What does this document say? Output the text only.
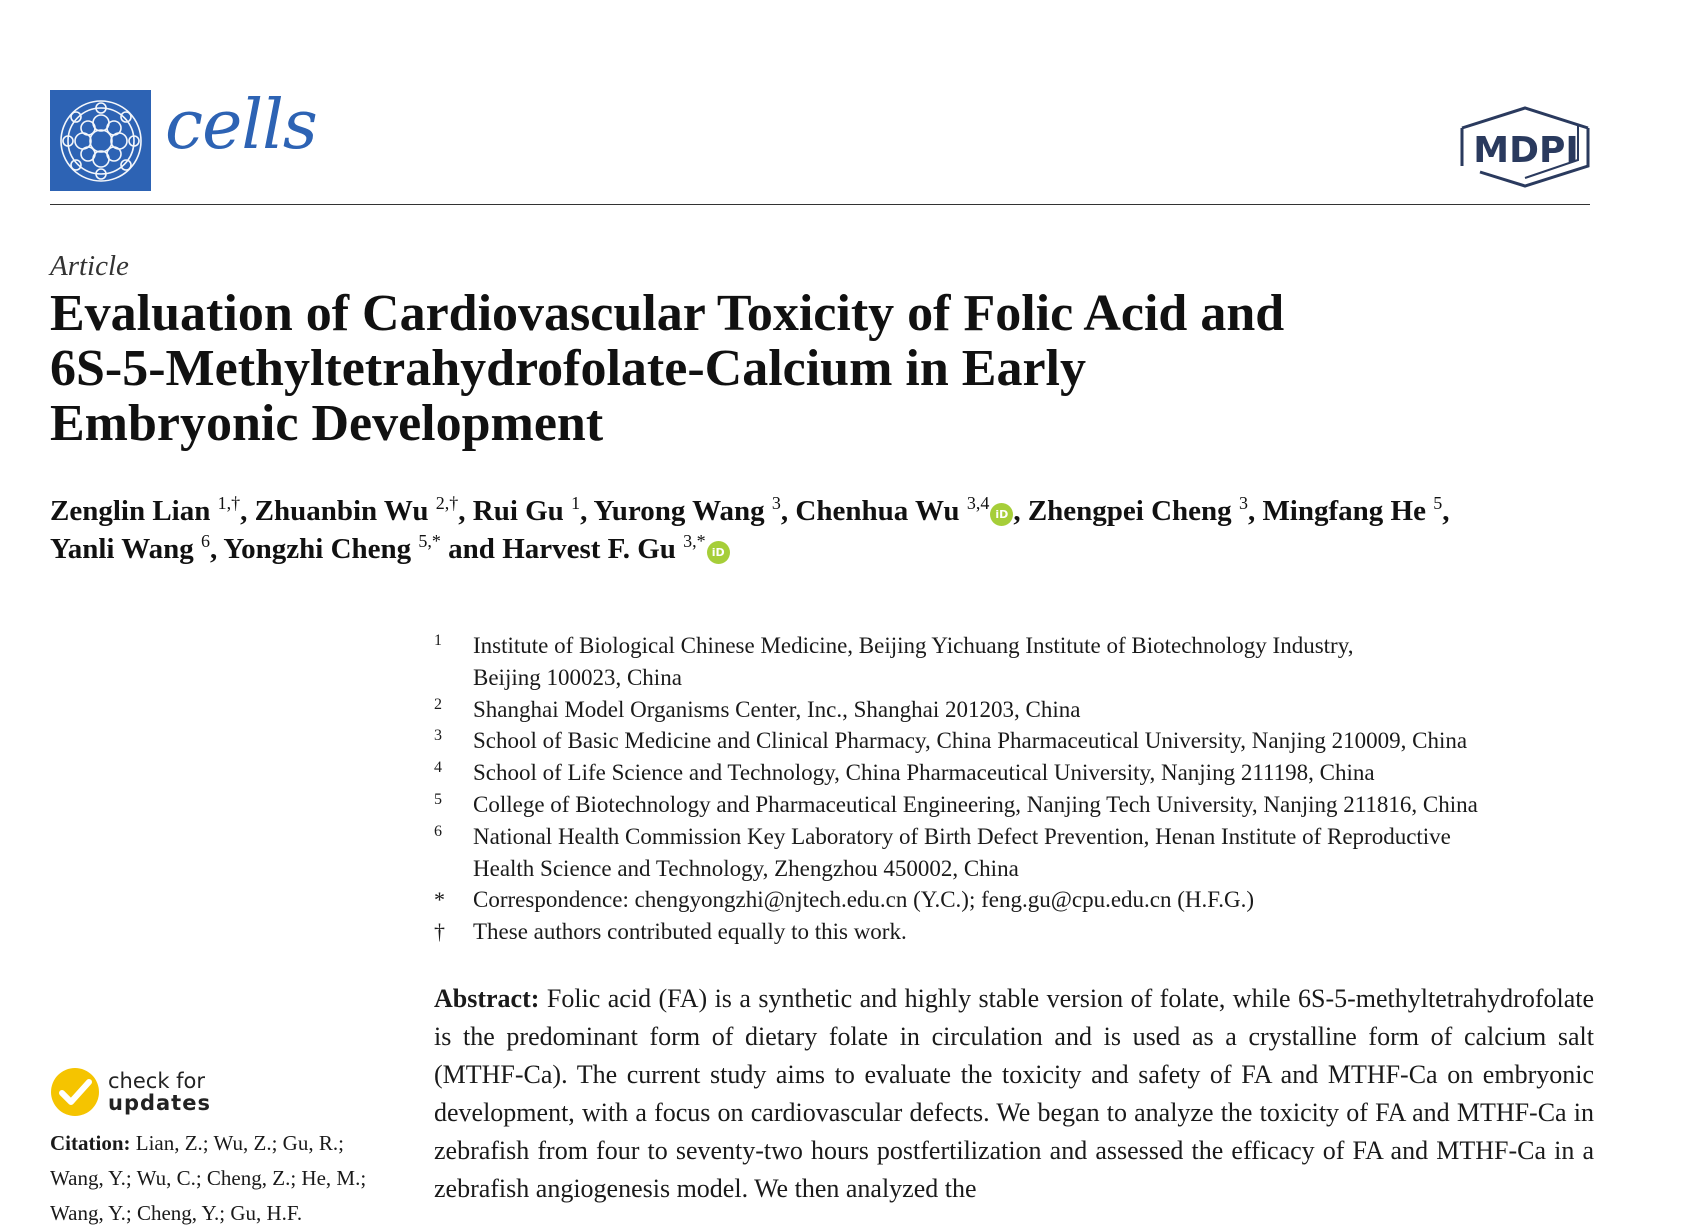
cells	MDPI
Article
Evaluation of Cardiovascular Toxicity of Folic Acid and
6S-5-Methyltetrahydrofolate-Calcium in Early
Embryonic Development

Zenglin Lian $^{1,\dagger}$, Zhuanbin Wu $^{2,\dagger}$, Rui Gu $^1$, Yurong Wang $^3$, Chenhua Wu $^{3,4}$iD , Zhengpei Cheng $^3$, Mingfang He $^5$,
Yanli Wang $^6$, Yongzhi Cheng $^{5,*}$ and Harvest F. Gu $^{3,*}$iD

1	Institute of Biological Chinese Medicine, Beijing Yichuang Institute of Biotechnology Industry,
Beijing 100023, China
2	Shanghai Model Organisms Center, Inc., Shanghai 201203, China
3	School of Basic Medicine and Clinical Pharmacy, China Pharmaceutical University, Nanjing 210009, China
4	School of Life Science and Technology, China Pharmaceutical University, Nanjing 211198, China
5	College of Biotechnology and Pharmaceutical Engineering, Nanjing Tech University, Nanjing 211816, China
6	National Health Commission Key Laboratory of Birth Defect Prevention, Henan Institute of Reproductive
Health Science and Technology, Zhengzhou 450002, China
*	Correspondence: chengyongzhi@njtech.edu.cn (Y.C.); feng.gu@cpu.edu.cn (H.F.G.)
†	These authors contributed equally to this work.

Abstract: Folic acid (FA) is a synthetic and highly stable version of folate, while 6S-5-methyltetrahydrofolate is the predominant form of dietary folate in circulation and is used as a crystalline form of calcium salt (MTHF-Ca). The current study aims to evaluate the toxicity and safety of FA and MTHF-Ca on embryonic development, with a focus on cardiovascular defects. We began to analyze the toxicity of FA and MTHF-Ca in zebrafish from four to seventy-two hours postfertilization and assessed the efficacy of FA and MTHF-Ca in a zebrafish angiogenesis model. We then analyzed the

check for
updates
Citation: Lian, Z.; Wu, Z.; Gu, R.; Wang, Y.; Wu, C.; Cheng, Z.; He, M.; Wang, Y.; Cheng, Y.; Gu, H.F.
